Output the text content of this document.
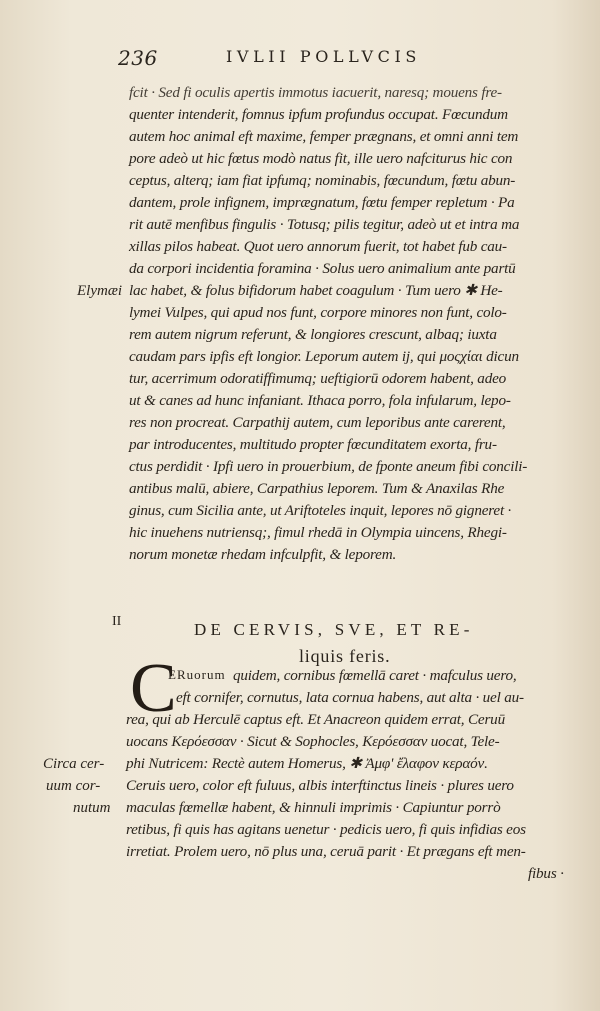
236	IVLII POLLVCIS
fcit · Sed fi oculis apertis immotus iacuerit, naresq; mouens fre-
quenter intenderit, fomnus ipfum profundus occupat. Fœcundum
autem hoc animal eft maxime, femper prægnans, et omni anni tem
pore adeò ut hic fœtus modò natus fit, ille uero nafciturus hic con
ceptus, alterq; iam fiat ipfumq; nominabis, fœcundum, fœtu abun-
dantem, prole infignem, imprægnatum, fœtu femper repletum · Pa
rit autē menfibus fingulis · Totusq; pilis tegitur, adeò ut et intra ma
xillas pilos habeat. Quot uero annorum fuerit, tot habet fub cau-
da corpori incidentia foramina · Solus uero animalium ante partū
Elymæi lac habet, & folus bifidorum habet coagulum · Tum uero ✱ He-
lymei Vulpes, qui apud nos funt, corpore minores non funt, colo-
rem autem nigrum referunt, & longiores crescunt, albaq; iuxta
caudam pars ipfis eft longior. Leporum autem ij, qui μοςχίαι dicun
tur, acerrimum odoratiffimumq; ueftigiorū odorem habent, adeo
ut & canes ad hunc infaniant. Ithaca porro, fola infularum, lepo-
res non procreat. Carpathij autem, cum leporibus ante carerent,
par introducentes, multitudo propter fœcunditatem exorta, fru-
ctus perdidit · Ipfi uero in prouerbium, de fponte aneum fibi concili-
antibus malū, abiere, Carpathius leporem. Tum & Anaxilas Rhe
ginus, cum Sicilia ante, ut Ariftoteles inquit, lepores nō gigneret ·
hic inuehens nutriensq;, fimul rhedā in Olympia uincens, Rhegi-
norum monetæ rhedam infculpfit, & leporem.
II	DE CERVIS, SVE, ET RE-
liquis feris.
C
ERuorum quidem, cornibus fœmellā caret · mafculus uero,
eft cornifer, cornutus, lata cornua habens, aut alta · uel au-
rea, qui ab Herculē captus eft. Et Anacreon quidem errat, Ceruū
uocans Κερόεσσαν · Sicut & Sophocles, Κερόεσσαν uocat, Tele-
Circa cer- phi Nutricem: Rectè autem Homerus, ✱ Ἀμφ' ἔλαφον κεραόν.
uum cor- Ceruis uero, color eft fuluus, albis interftinctus lineis · plures uero
nutum maculas fœmellæ habent, & hinnuli imprimis · Capiuntur porrò
retibus, fi quis has agitans uenetur · pedicis uero, fi quis infidias eos
irretiat. Prolem uero, nō plus una, ceruā parit · Et prægans eft men-
fibus ·
